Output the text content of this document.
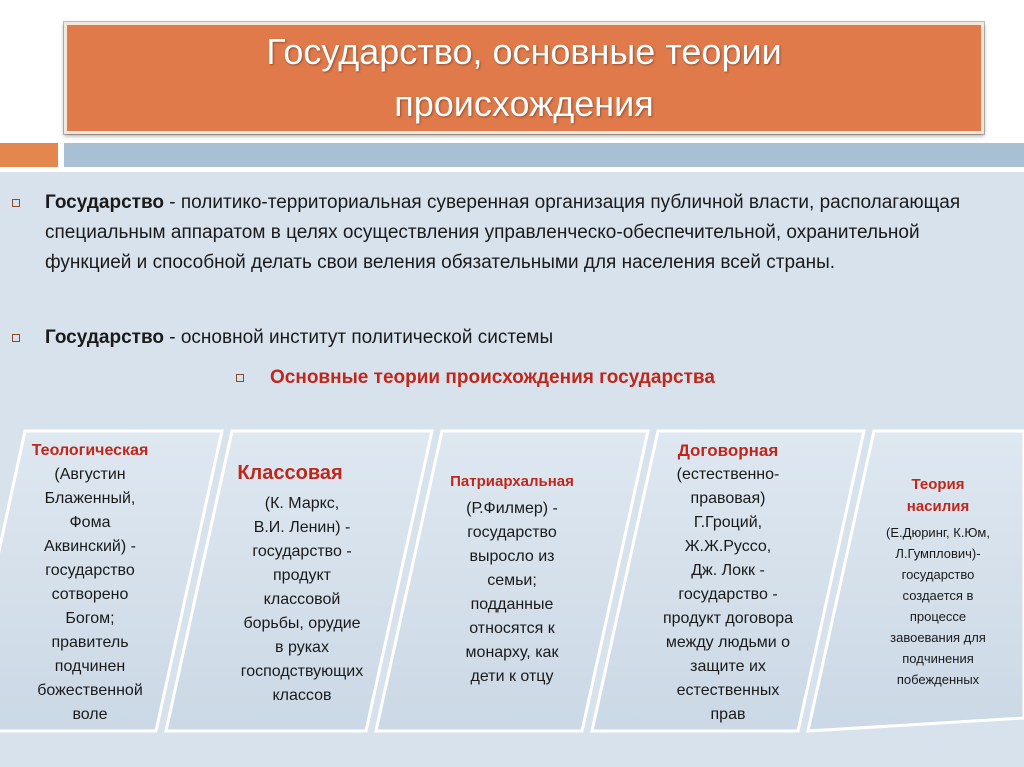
Государство, основные теории
происхождения
Государство - политико-территориальная суверенная организация публичной власти, располагающая специальным аппаратом в целях осуществления управленческо-обеспечительной, охранительной функцией и способной делать свои веления обязательными для населения всей страны.
Государство - основной институт политической системы
Основные теории происхождения государства
Теологическая
(Августин
Блаженный,
Фома
Аквинский) -
государство
сотворено
Богом;
правитель
подчинен
божественной
воле
Классовая
(К. Маркс,
В.И. Ленин) -
государство -
продукт
классовой
борьбы, орудие
в руках
господствующих
классов
Патриархальная
(Р.Филмер) -
государство
выросло из
семьи;
подданные
относятся к
монарху, как
дети к отцу
Договорная
(естественно-
правовая)
Г.Гроций,
Ж.Ж.Руссо,
Дж. Локк -
государство -
продукт договора
между людьми о
защите их
естественных
прав
Теория
насилия
(Е.Дюринг, К.Юм,
Л.Гумплович)-
государство
создается в
процессе
завоевания для
подчинения
побежденных
